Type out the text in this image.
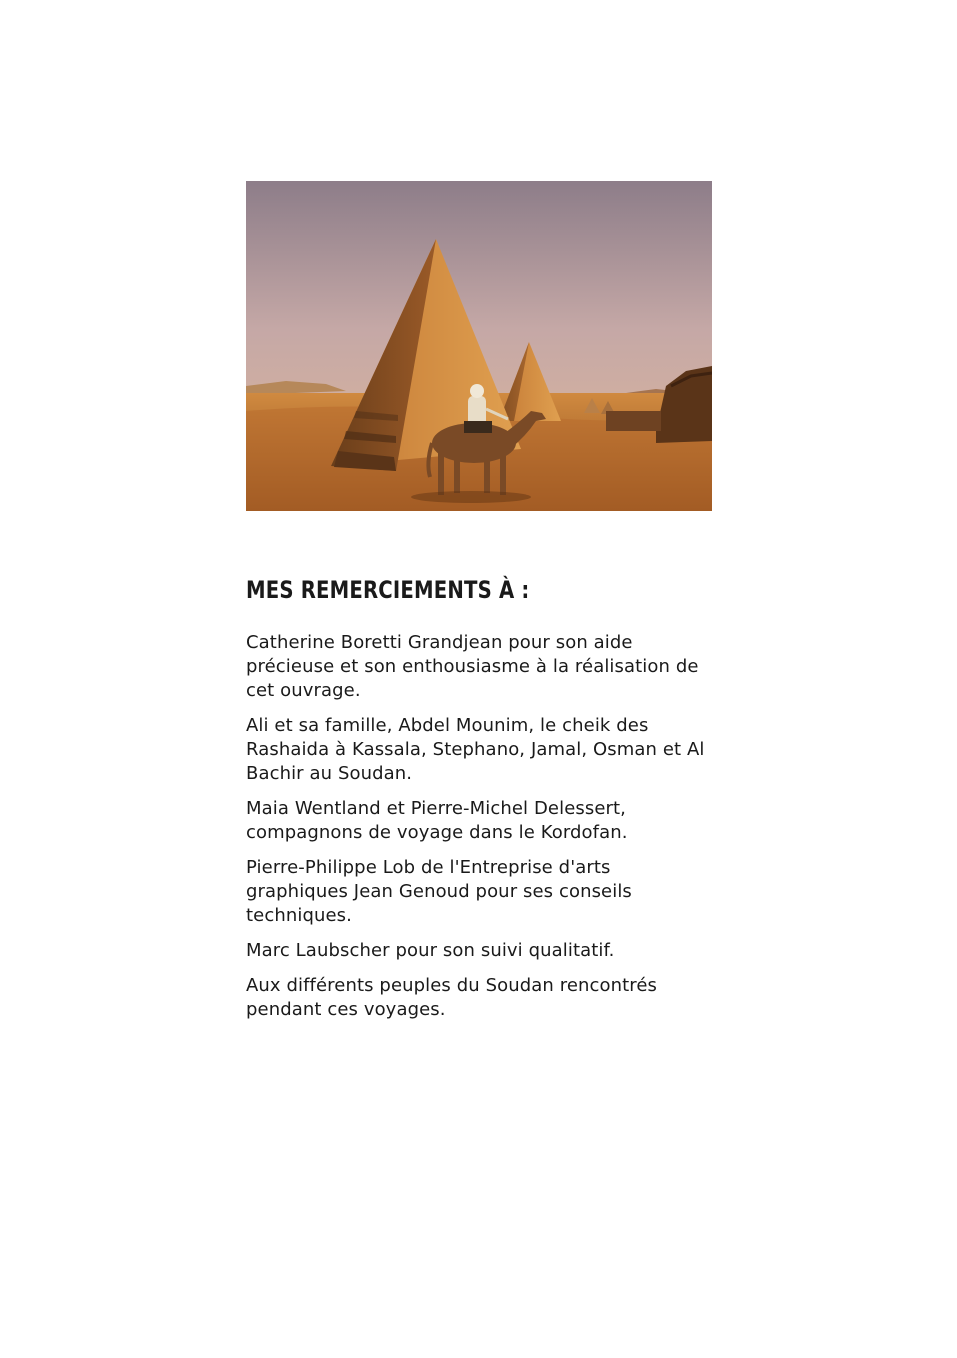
MES REMERCIEMENTS À :

Catherine Boretti Grandjean pour son aide précieuse et son enthousiasme à la réalisation de cet ouvrage.

Ali et sa famille, Abdel Mounim, le cheik des Rashaida à Kassala, Stephano, Jamal, Osman et Al Bachir au Soudan.

Maia Wentland et Pierre-Michel Delessert, compagnons de voyage dans le Kordofan.

Pierre-Philippe Lob de l'Entreprise d'arts graphiques Jean Genoud pour ses conseils techniques.

Marc Laubscher pour son suivi qualitatif.

Aux différents peuples du Soudan rencontrés pendant ces voyages.
